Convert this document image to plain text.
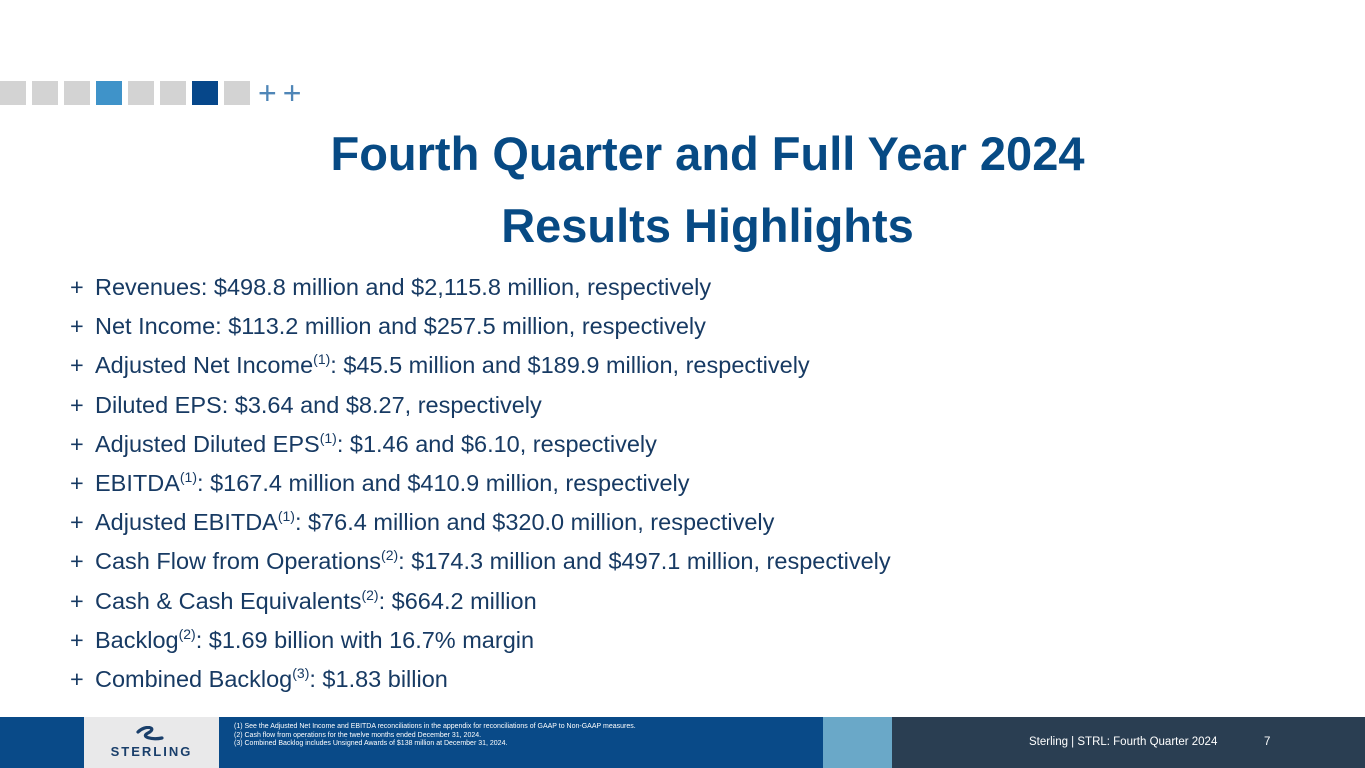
+ +
Fourth Quarter and Full Year 2024
Results Highlights
+ Revenues: $498.8 million and $2,115.8 million, respectively
+ Net Income: $113.2 million and $257.5 million, respectively
+ Adjusted Net Income$^{(1)}$: $45.5 million and $189.9 million, respectively
+ Diluted EPS: $3.64 and $8.27, respectively
+ Adjusted Diluted EPS$^{(1)}$: $1.46 and $6.10, respectively
+ $EBITDA^{(1)}$: $167.4 million and $410.9 million, respectively
+ Adjusted EBITDA$^{(1)}$: $76.4 million and $320.0 million, respectively
+ Cash Flow from Operations$^{(2)}$: $174.3 million and $497.1 million, respectively
+ Cash & Cash Equivalents$^{(2)}$: $664.2 million
+ Backlog$^{(2)}$: $1.69 billion with 16.7% margin
+ Combined Backlog$^{(3)}$: $1.83 billion
STERLING
(1) See the Adjusted Net Income and EBITDA reconciliations in the appendix for reconciliations of GAAP to Non-GAAP measures.
(2) Cash flow from operations for the twelve months ended December 31, 2024.
(3) Combined Backlog includes Unsigned Awards of $138 million at December 31, 2024.	Sterling | STRL: Fourth Quarter 2024	7
